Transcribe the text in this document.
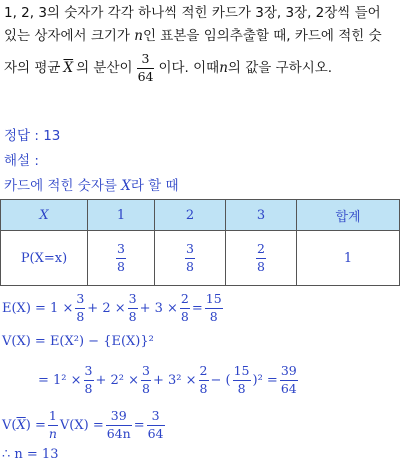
1, 2, 3의 숫자가 각각 하나씩 적힌 카드가 3장, 3장, 2장씩 들어
있는 상자에서 크기가 n인 표본을 임의추출할 때, 카드에 적힌 숫
자의 평균 $\overline{X}$ 의 분산이 $\frac{3}{64}$ 이다. 이때 n 의 값을 구하시오.
정답 : 13
해설 :
카드에 적힌 숫자를 X라 할 때
X	1	2	3	합계
P(X=x)	$\frac{3}{8}$	$\frac{3}{8}$	$\frac{2}{8}$	1
$E(X) = 1 \times \frac{3}{8} + 2 \times \frac{3}{8} + 3 \times \frac{2}{8} = \frac{15}{8}$
V(X) = E(X²) − {E(X)}²
= $1^2 \times \frac{3}{8} + 2^2 \times \frac{3}{8} + 3^2 \times \frac{2}{8}$ − ( $\frac{15}{8} )^2 = \frac{39}{64}$
V( $\overline{X}$ ) = $\frac{1}{n} V(X) = \frac{39}{64n} = \frac{3}{64}$
∴ n = 13
